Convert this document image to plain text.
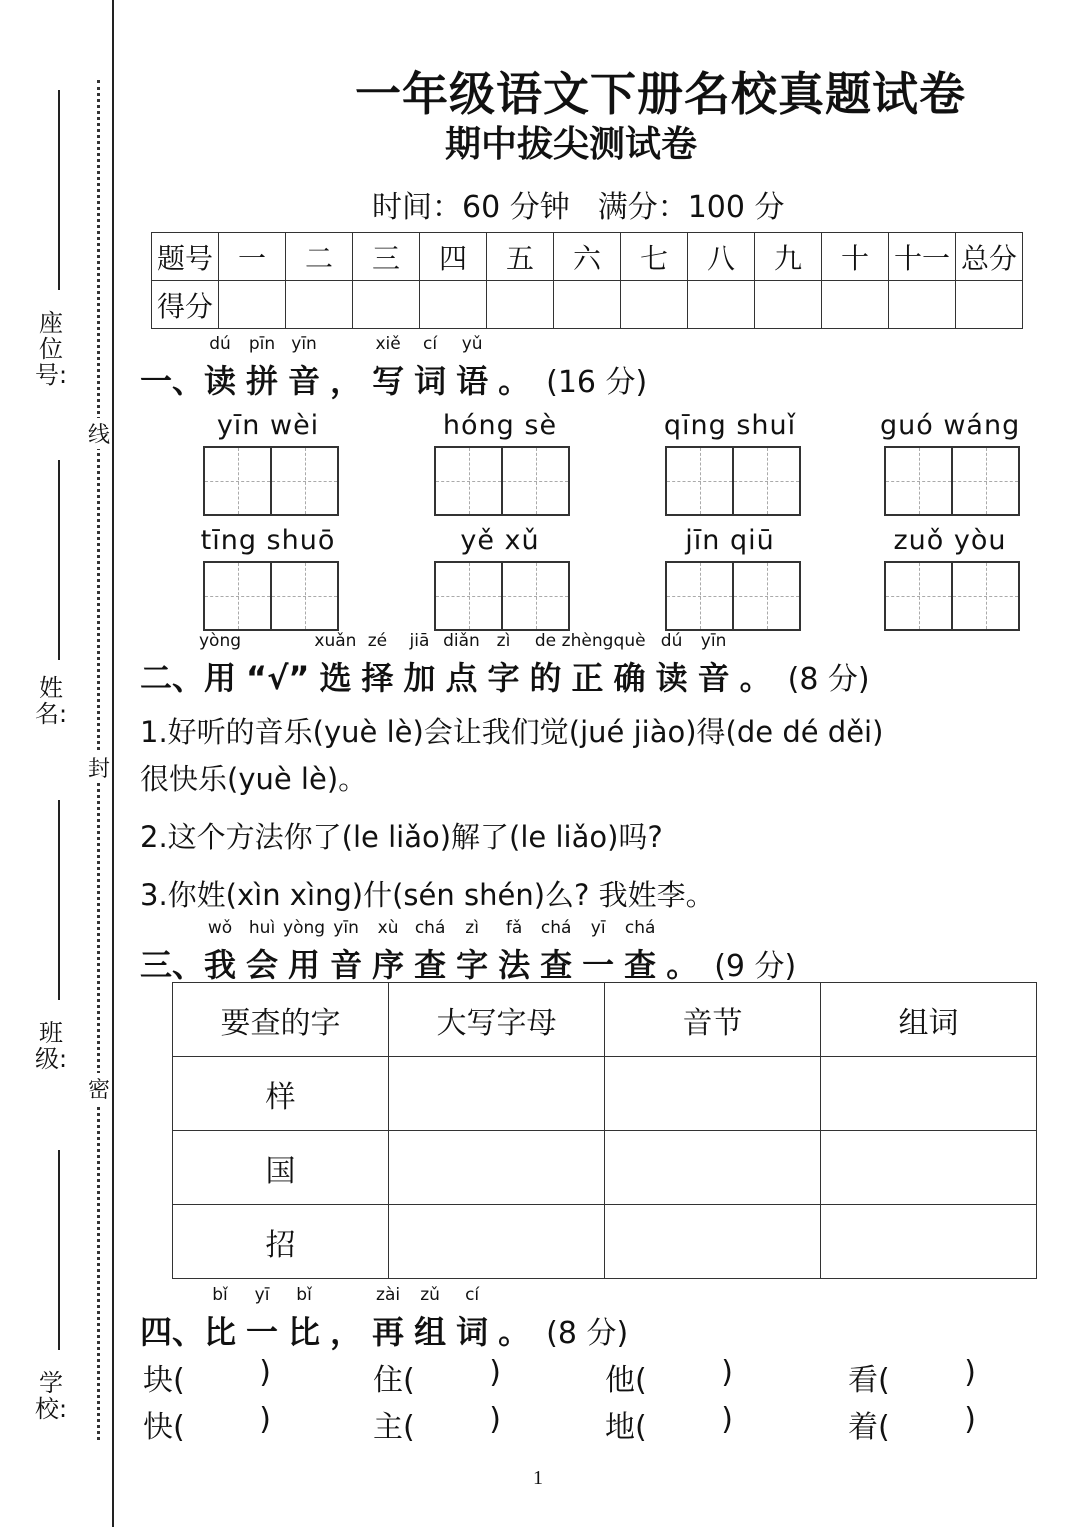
座位号:
姓名:
班级:
学校:
线
封
密
一年级语文下册名校真题试卷
期中拔尖测试卷
时间：60 分钟 满分：100 分
题号	一	二	三	四	五	六	七	八	九	十	十一	总分
得分												
一、
dú
读
pīn
拼
yīn
音 ，
xiě
写
cí
词
yǔ
语 。 (16 分)
yīn wèi	hóng sè	qīng shuǐ	guó wáng
tīng shuō	yě xǔ	jīn qiū	zuǒ yòu
二、
yòng
用 “√”
xuǎn
选
zé
择
jiā
加
diǎn
点
zì
字
de
的
zhèng
正
què
确
dú
读
yīn
音 。 (8 分)
1.好听的音乐(yuè lè)会让我们觉(jué jiào)得(de dé děi)
很快乐(yuè lè)。
2.这个方法你了(le liǎo)解了(le liǎo)吗?
3.你姓(xìn xìng)什(sén shén)么? 我姓李。
三、
wǒ
我
huì
会
yòng
用
yīn
音
xù
序
chá
查
zì
字
fǎ
法
chá
查
yī
一
chá
查 。 (9 分)
要查的字	大写字母	音节	组词
样			
国			
招			
四、
bǐ
比
yī
一
bǐ
比 ，
zài
再
zǔ
组
cí
词 。 (8 分)
块( )	住( )	他( )	看( )
快( )	主( )	地( )	着( )
1
